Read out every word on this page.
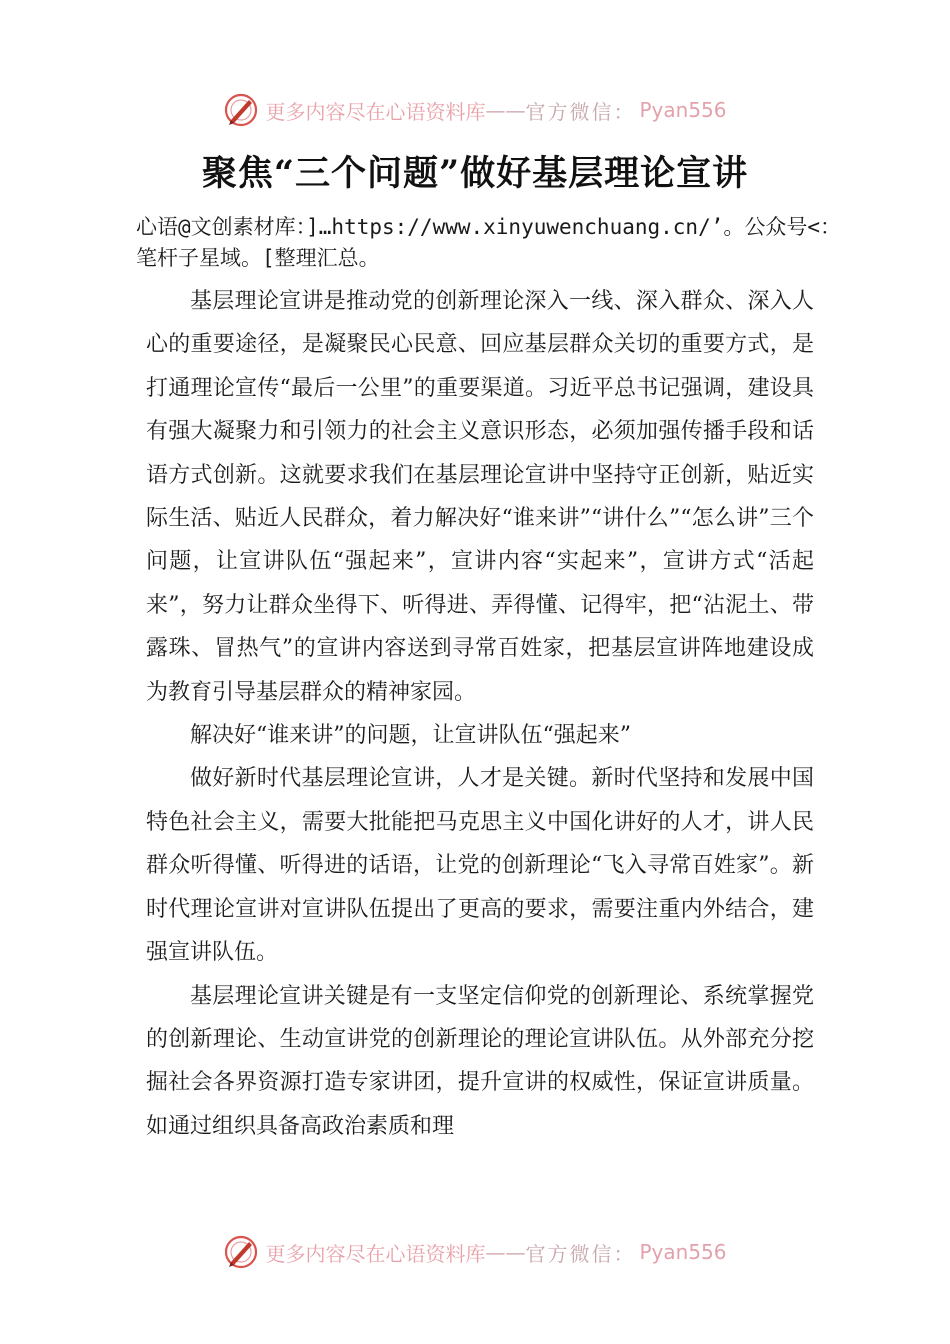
更多内容尽在心语资料库 —— 官方微信： Pyan556
聚焦“三个问题”做好基层理论宣讲
心语@文创素材库：]…https://www.xinyuwenchuang.cn/’。公众号<：笔杆子星域。[整理汇总。

基层理论宣讲是推动党的创新理论深入一线、深入群众、深入人心的重要途径，是凝聚民心民意、回应基层群众关切的重要方式，是打通理论宣传“最后一公里”的重要渠道。习近平总书记强调，建设具有强大凝聚力和引领力的社会主义意识形态，必须加强传播手段和话语方式创新。这就要求我们在基层理论宣讲中坚持守正创新，贴近实际生活、贴近人民群众，着力解决好“谁来讲”“讲什么”“怎么讲”三个问题，让宣讲队伍“强起来”，宣讲内容“实起来”，宣讲方式“活起来”，努力让群众坐得下、听得进、弄得懂、记得牢，把“沾泥土、带露珠、冒热气”的宣讲内容送到寻常百姓家，把基层宣讲阵地建设成为教育引导基层群众的精神家园。

解决好“谁来讲”的问题，让宣讲队伍“强起来”

做好新时代基层理论宣讲，人才是关键。新时代坚持和发展中国特色社会主义，需要大批能把马克思主义中国化讲好的人才，讲人民群众听得懂、听得进的话语，让党的创新理论“飞入寻常百姓家”。新时代理论宣讲对宣讲队伍提出了更高的要求，需要注重内外结合，建强宣讲队伍。

基层理论宣讲关键是有一支坚定信仰党的创新理论、系统掌握党的创新理论、生动宣讲党的创新理论的理论宣讲队伍。从外部充分挖掘社会各界资源打造专家讲团，提升宣讲的权威性，保证宣讲质量。如通过组织具备高政治素质和理

更多内容尽在心语资料库 —— 官方微信： Pyan556
